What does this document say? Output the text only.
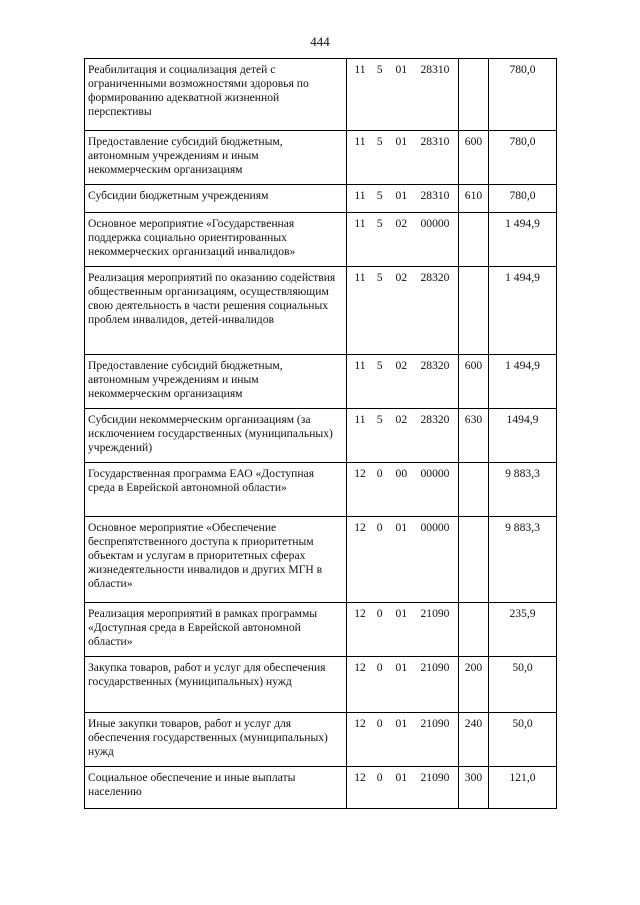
444
Реабилитация и социализация детей с ограниченными возможностями здоровья по формированию адекватной жизненной перспективы	11 5 01 28310		780,0
Предоставление субсидий бюджетным, автономным учреждениям и иным некоммерческим организациям	11 5 01 28310	600	780,0
Субсидии бюджетным учреждениям	11 5 01 28310	610	780,0
Основное мероприятие «Государственная поддержка социально ориентированных некоммерческих организаций инвалидов»	11 5 02 00000		1 494,9
Реализация мероприятий по оказанию содействия общественным организациям, осуществляющим свою деятельность в части решения социальных проблем инвалидов, детей-инвалидов	11 5 02 28320		1 494,9
Предоставление субсидий бюджетным, автономным учреждениям и иным некоммерческим организациям	11 5 02 28320	600	1 494,9
Субсидии некоммерческим организациям (за исключением государственных (муниципальных) учреждений)	11 5 02 28320	630	1494,9
Государственная программа ЕАО «Доступная среда в Еврейской автономной области»	12 0 00 00000		9 883,3
Основное мероприятие «Обеспечение беспрепятственного доступа к приоритетным объектам и услугам в приоритетных сферах жизнедеятельности инвалидов и других МГН в области»	12 0 01 00000		9 883,3
Реализация мероприятий в рамках программы «Доступная среда в Еврейской автономной области»	12 0 01 21090		235,9
Закупка товаров, работ и услуг для обеспечения государственных (муниципальных) нужд	12 0 01 21090	200	50,0
Иные закупки товаров, работ и услуг для обеспечения государственных (муниципальных) нужд	12 0 01 21090	240	50,0
Социальное обеспечение и иные выплаты населению	12 0 01 21090	300	121,0
